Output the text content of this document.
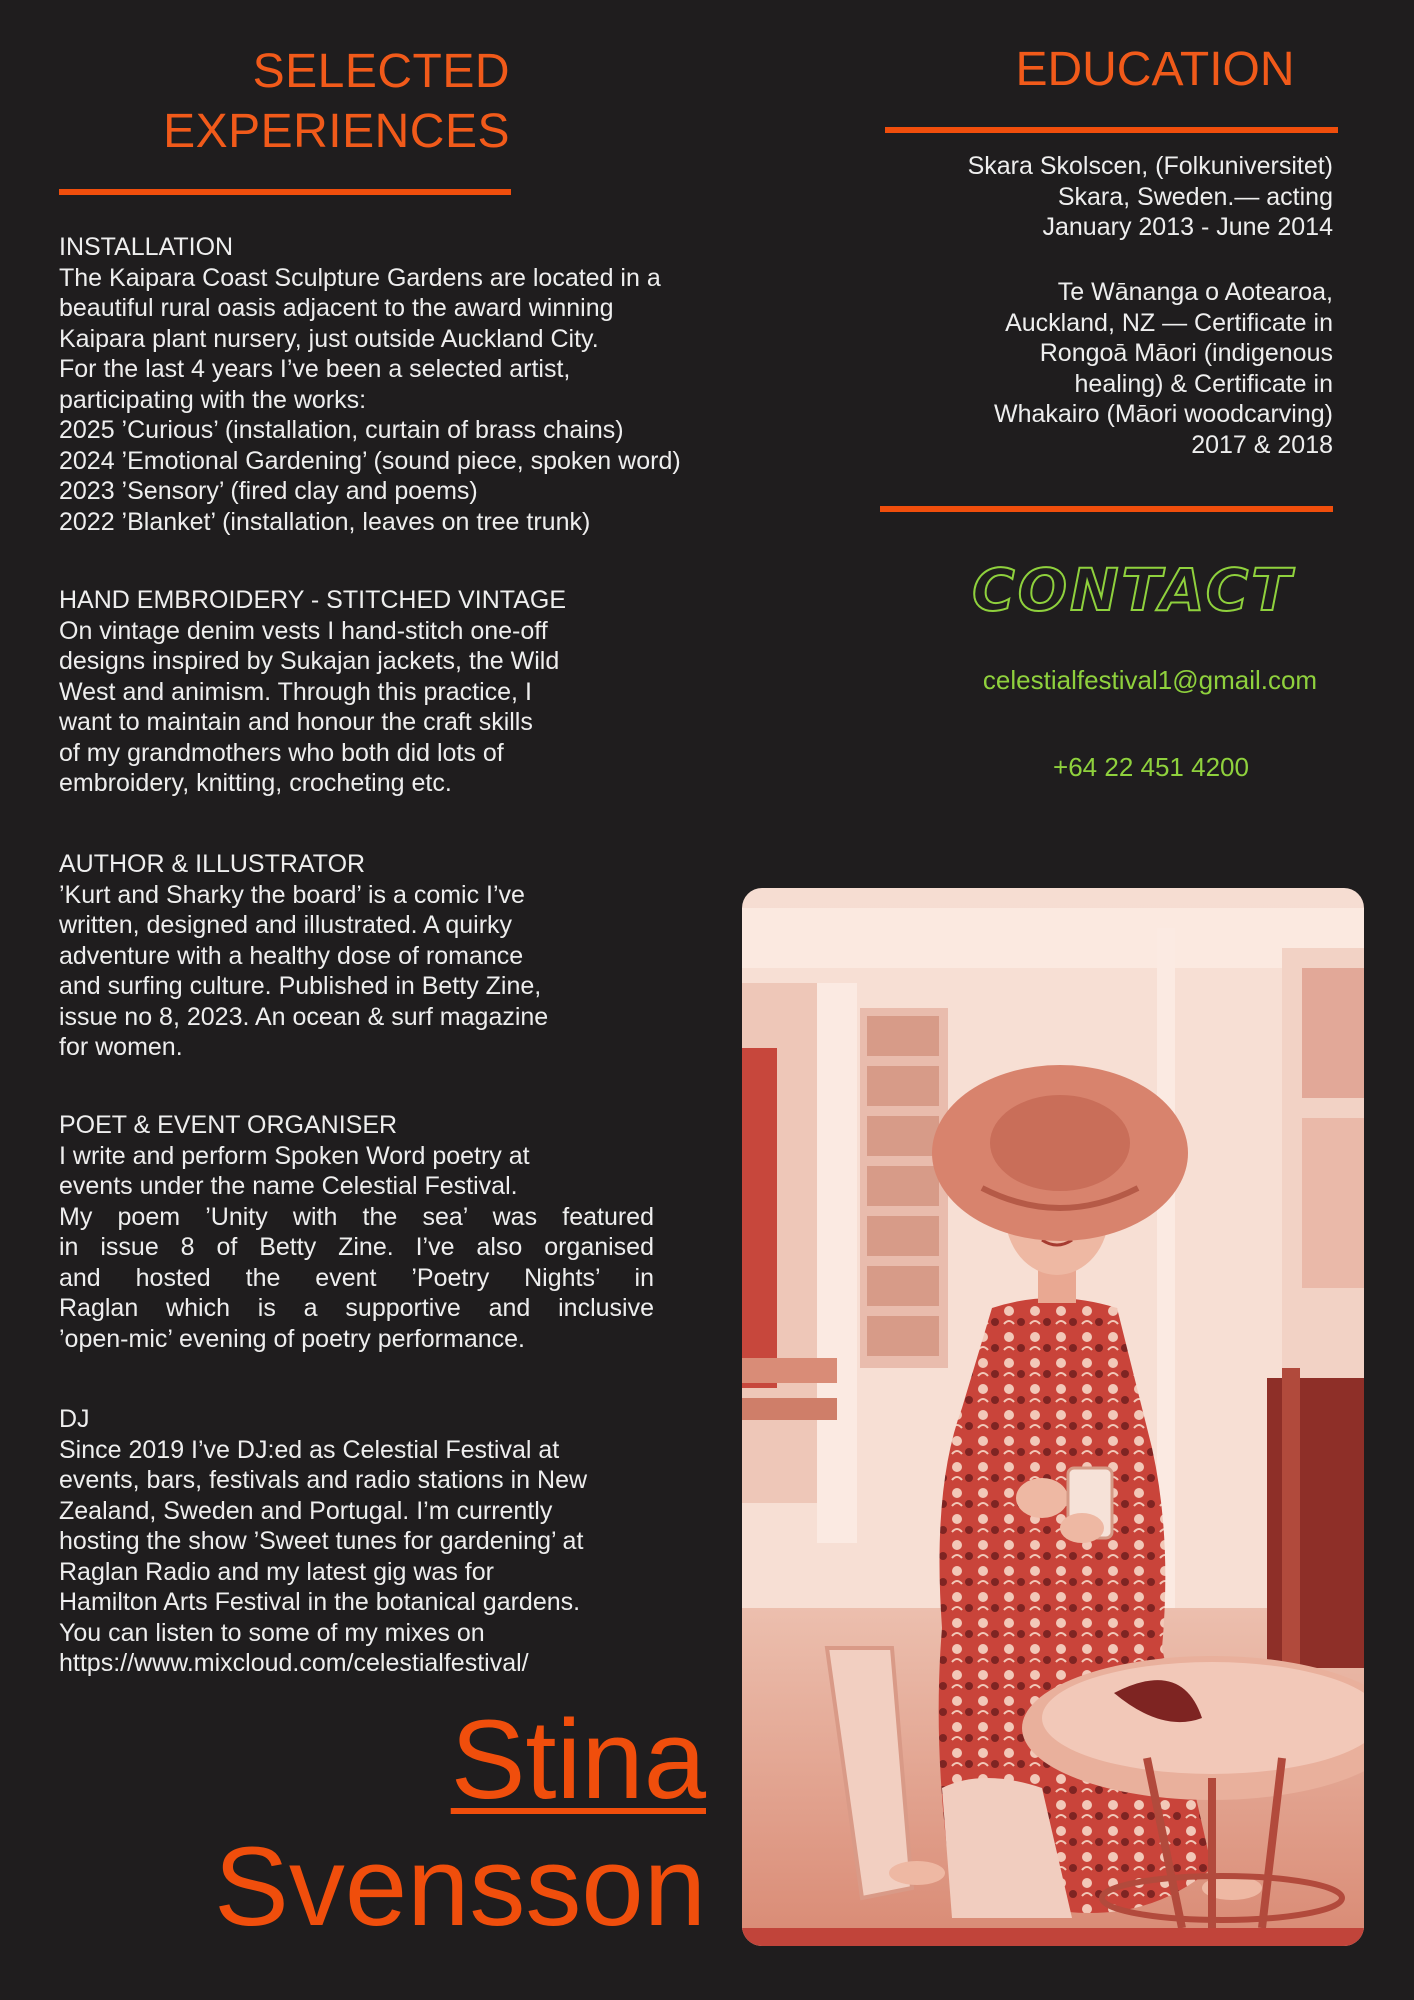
SELECTED
EXPERIENCES
INSTALLATION
The Kaipara Coast Sculpture Gardens are located in a
beautiful rural oasis adjacent to the award winning
Kaipara plant nursery, just outside Auckland City.
For the last 4 years I’ve been a selected artist,
participating with the works:
2025 ’Curious’ (installation, curtain of brass chains)
2024 ’Emotional Gardening’ (sound piece, spoken word)
2023 ’Sensory’ (fired clay and poems)
2022 ’Blanket’ (installation, leaves on tree trunk)
HAND EMBROIDERY - STITCHED VINTAGE
On vintage denim vests I hand-stitch one-off
designs inspired by Sukajan jackets, the Wild
West and animism. Through this practice, I
want to maintain and honour the craft skills
of my grandmothers who both did lots of
embroidery, knitting, crocheting etc.
AUTHOR & ILLUSTRATOR
’Kurt and Sharky the board’ is a comic I’ve
written, designed and illustrated. A quirky
adventure with a healthy dose of romance
and surfing culture. Published in Betty Zine,
issue no 8, 2023. An ocean & surf magazine
for women.
POET & EVENT ORGANISER
I write and perform Spoken Word poetry at
events under the name Celestial Festival.
My poem ’Unity with the sea’ was featured
in issue 8 of Betty Zine. I’ve also organised
and hosted the event ’Poetry Nights’ in
Raglan which is a supportive and inclusive
’open-mic’ evening of poetry performance.
DJ
Since 2019 I’ve DJ:ed as Celestial Festival at
events, bars, festivals and radio stations in New
Zealand, Sweden and Portugal. I’m currently
hosting the show ’Sweet tunes for gardening’ at
Raglan Radio and my latest gig was for
Hamilton Arts Festival in the botanical gardens.
You can listen to some of my mixes on
https://www.mixcloud.com/celestialfestival/
Stina
Svensson
EDUCATION
Skara Skolscen, (Folkuniversitet)
Skara, Sweden.— acting
January 2013 - June 2014
Te Wānanga o Aotearoa,
Auckland, NZ — Certificate in
Rongoā Māori (indigenous
healing) & Certificate in
Whakairo (Māori woodcarving)
2017 & 2018
CONTACT
celestialfestival1@gmail.com
+64 22 451 4200
